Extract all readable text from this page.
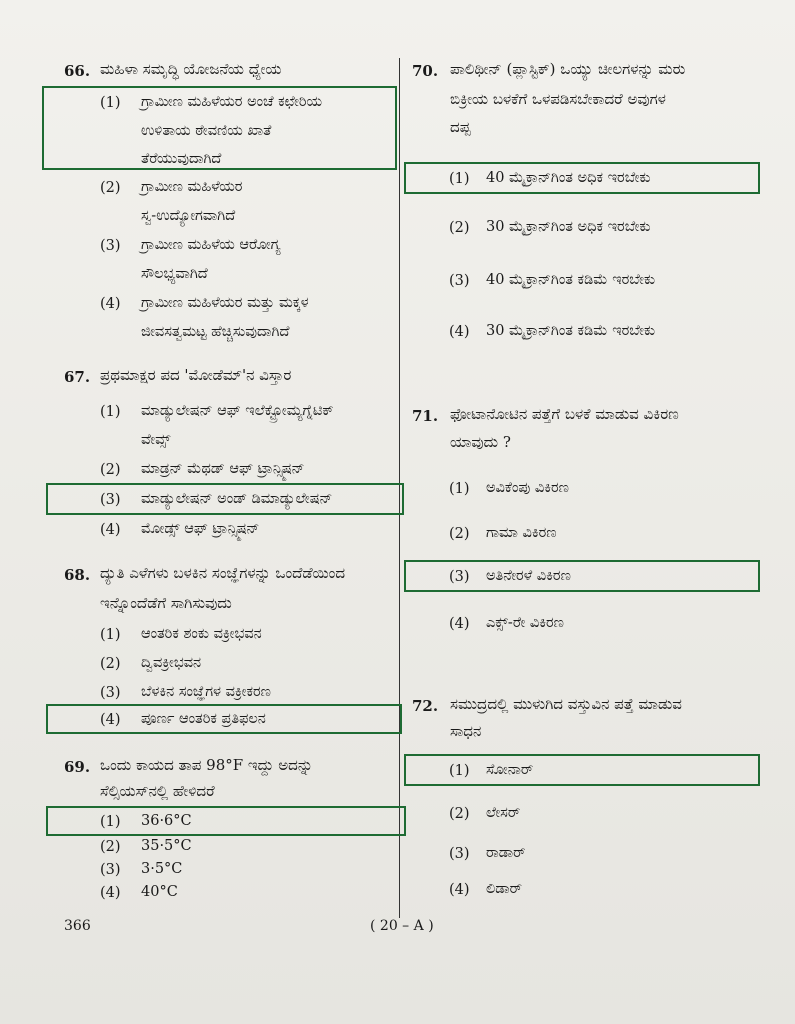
66. ಮಹಿಳಾ ಸಮೃದ್ಧಿ ಯೋಜನೆಯ ಧ್ಯೇಯ
(1) ಗ್ರಾಮೀಣ ಮಹಿಳೆಯರ ಅಂಚೆ ಕಛೇರಿಯ
ಉಳಿತಾಯ ಠೇವಣಿಯ ಖಾತೆ
ತೆರೆಯುವುದಾಗಿದೆ
(2) ಗ್ರಾಮೀಣ ಮಹಿಳೆಯರ
ಸ್ವ-ಉದ್ಯೋಗವಾಗಿದೆ
(3) ಗ್ರಾಮೀಣ ಮಹಿಳೆಯ ಆರೋಗ್ಯ
ಸೌಲಭ್ಯವಾಗಿದೆ
(4) ಗ್ರಾಮೀಣ ಮಹಿಳೆಯರ ಮತ್ತು ಮಕ್ಕಳ
ಜೀವಸತ್ವಮಟ್ಟ ಹೆಚ್ಚಿಸುವುದಾಗಿದೆ
67. ಪ್ರಥಮಾಕ್ಷರ ಪದ 'ಮೋಡೆಮ್'ನ ವಿಸ್ತಾರ
(1) ಮಾಡ್ಯುಲೇಷನ್ ಆಫ್ ಇಲೆಕ್ಟ್ರೋಮ್ಯಗ್ನೆಟಿಕ್
ವೇವ್ಸ್
(2) ಮಾಡ್ರನ್ ಮೆಥಡ್ ಆಫ್ ಟ್ರಾನ್ಸ್ಮಿಷನ್
(3) ಮಾಡ್ಯುಲೇಷನ್ ಅಂಡ್ ಡಿಮಾಡ್ಯುಲೇಷನ್
(4) ಮೋಡ್ಸ್ ಆಫ್ ಟ್ರಾನ್ಸ್ಮಿಷನ್
68. ದ್ಯುತಿ ಎಳೆಗಳು ಬಳಕಿನ ಸಂಜ್ಞೆಗಳನ್ನು ಒಂದೆಡೆಯಿಂದ
ಇನ್ನೊಂದೆಡೆಗೆ ಸಾಗಿಸುವುದು
(1) ಆಂತರಿಕ ಶಂಕು ವಕ್ರೀಭವನ
(2) ದ್ವಿವಕ್ರೀಭವನ
(3) ಬೆಳಕಿನ ಸಂಜ್ಞೆಗಳ ವಕ್ರೀಕರಣ
(4) ಪೂರ್ಣ ಆಂತರಿಕ ಪ್ರತಿಫಲನ
69. ಒಂದು ಕಾಯದ ತಾಪ 98°F ಇದ್ದು ಅದನ್ನು
ಸೆಲ್ಸಿಯಸ್‌ನಲ್ಲಿ ಹೇಳಿದರೆ
(1) 36·6°C
(2) 35·5°C
(3) 3·5°C
(4) 40°C
70. ಪಾಲಿಥೀನ್ (ಪ್ಲಾಸ್ಟಿಕ್) ಒಯ್ಯು ಚೀಲಗಳನ್ನು ಮರು
ಬಿಕ್ರೀಯ ಬಳಕೆಗೆ ಒಳಪಡಿಸಬೇಕಾದರೆ ಅವುಗಳ
ದಪ್ಪ
(1) 40 ಮೈಕ್ರಾನ್‌ಗಿಂತ ಅಧಿಕ ಇರಬೇಕು
(2) 30 ಮೈಕ್ರಾನ್‌ಗಿಂತ ಅಧಿಕ ಇರಬೇಕು
(3) 40 ಮೈಕ್ರಾನ್‌ಗಿಂತ ಕಡಿಮೆ ಇರಬೇಕು
(4) 30 ಮೈಕ್ರಾನ್‌ಗಿಂತ ಕಡಿಮೆ ಇರಬೇಕು
71. ಫೋಟಾನೋಟಿನ ಪತ್ತೆಗೆ ಬಳಕೆ ಮಾಡುವ ವಿಕಿರಣ
ಯಾವುದು ?
(1) ಅವಿಕೆಂಪು ವಿಕಿರಣ
(2) ಗಾಮಾ ವಿಕಿರಣ
(3) ಅತಿನೇರಳೆ ವಿಕಿರಣ
(4) ಎಕ್ಸ್‌-ರೇ ವಿಕಿರಣ
72. ಸಮುದ್ರದಲ್ಲಿ ಮುಳುಗಿದ ವಸ್ತುವಿನ ಪತ್ತೆ ಮಾಡುವ
ಸಾಧನ
(1) ಸೋನಾರ್
(2) ಲೇಸರ್
(3) ರಾಡಾರ್
(4) ಲಿಡಾರ್
366	( 20 – A )
